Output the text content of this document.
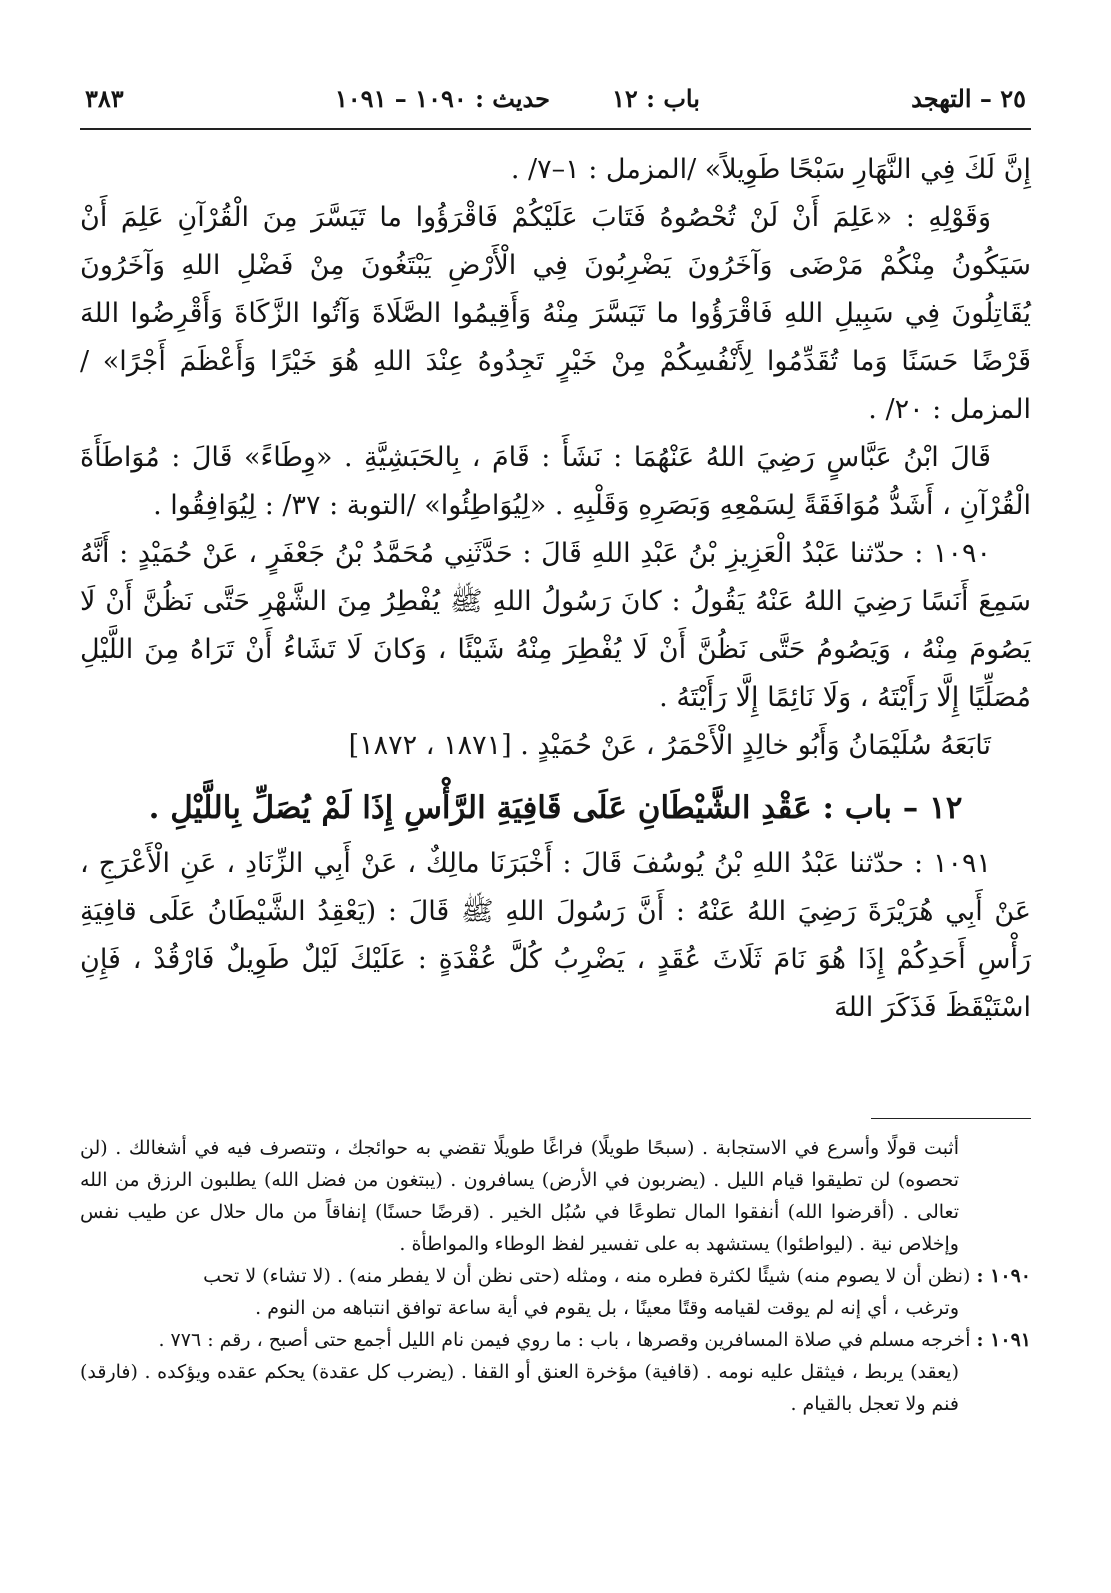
٢٥ – التهجد
باب : ١٢
حديث : ١٠٩٠ – ١٠٩١
٣٨٣

إِنَّ لَكَ فِي النَّهَارِ سَبْحًا طَوِيلاً» /المزمل : ١–٧/ .

وَقَوْلِهِ : «عَلِمَ أَنْ لَنْ تُحْصُوهُ فَتَابَ عَلَيْكُمْ فَاقْرَؤُوا ما تَيَسَّرَ مِنَ الْقُرْآنِ عَلِمَ أَنْ سَيَكُونُ مِنْكُمْ مَرْضَى وَآخَرُونَ يَضْرِبُونَ فِي الْأَرْضِ يَبْتَغُونَ مِنْ فَضْلِ اللهِ وَآخَرُونَ يُقَاتِلُونَ فِي سَبِيلِ اللهِ فَاقْرَؤُوا ما تَيَسَّرَ مِنْهُ وَأَقِيمُوا الصَّلَاةَ وَآتُوا الزَّكَاةَ وَأَقْرِضُوا اللهَ قَرْضًا حَسَنًا وَما تُقَدِّمُوا لِأَنْفُسِكُمْ مِنْ خَيْرٍ تَجِدُوهُ عِنْدَ اللهِ هُوَ خَيْرًا وَأَعْظَمَ أَجْرًا» /المزمل : ٢٠/ .

قَالَ ابْنُ عَبَّاسٍ رَضِيَ اللهُ عَنْهُمَا : نَشَأَ : قَامَ ، بِالحَبَشِيَّةِ . «وِطَاءً» قَالَ : مُوَاطَأَةَ الْقُرْآنِ ، أَشَدُّ مُوَافَقَةً لِسَمْعِهِ وَبَصَرِهِ وَقَلْبِهِ . «لِيُوَاطِئُوا» /التوبة : ٣٧/ : لِيُوَافِقُوا .

١٠٩٠ : حدّثنا عَبْدُ الْعَزِيزِ بْنُ عَبْدِ اللهِ قَالَ : حَدَّثَنِي مُحَمَّدُ بْنُ جَعْفَرٍ ، عَنْ حُمَيْدٍ : أَنَّهُ سَمِعَ أَنَسًا رَضِيَ اللهُ عَنْهُ يَقُولُ : كانَ رَسُولُ اللهِ ﷺ يُفْطِرُ مِنَ الشَّهْرِ حَتَّى نَظُنَّ أَنْ لَا يَصُومَ مِنْهُ ، وَيَصُومُ حَتَّى نَظُنَّ أَنْ لَا يُفْطِرَ مِنْهُ شَيْئًا ، وَكانَ لَا تَشَاءُ أَنْ تَرَاهُ مِنَ اللَّيْلِ مُصَلِّيًا إِلَّا رَأَيْتَهُ ، وَلَا نَائِمًا إِلَّا رَأَيْتَهُ .

تَابَعَهُ سُلَيْمَانُ وَأَبُو خالِدٍ الْأَحْمَرُ ، عَنْ حُمَيْدٍ . [١٨٧١ ، ١٨٧٢]

١٢ – باب : عَقْدِ الشَّيْطَانِ عَلَى قَافِيَةِ الرَّأْسِ إِذَا لَمْ يُصَلِّ بِاللَّيْلِ .

١٠٩١ : حدّثنا عَبْدُ اللهِ بْنُ يُوسُفَ قَالَ : أَخْبَرَنَا مالِكٌ ، عَنْ أَبِي الزِّنَادِ ، عَنِ الْأَعْرَجِ ، عَنْ أَبِي هُرَيْرَةَ رَضِيَ اللهُ عَنْهُ : أَنَّ رَسُولَ اللهِ ﷺ قَالَ : (يَعْقِدُ الشَّيْطَانُ عَلَى قافِيَةِ رَأْسِ أَحَدِكُمْ إِذَا هُوَ نَامَ ثَلَاثَ عُقَدٍ ، يَضْرِبُ كُلَّ عُقْدَةٍ : عَلَيْكَ لَيْلٌ طَوِيلٌ فَارْقُدْ ، فَإِنِ اسْتَيْقَظَ فَذَكَرَ اللهَ

أثبت قولًا وأسرع في الاستجابة . (سبحًا طويلًا) فراغًا طويلًا تقضي به حوائجك ، وتتصرف فيه في أشغالك . (لن تحصوه) لن تطيقوا قيام الليل . (يضربون في الأرض) يسافرون . (يبتغون من فضل الله) يطلبون الرزق من الله تعالى . (أقرضوا الله) أنفقوا المال تطوعًا في سُبُل الخير . (قرضًا حسنًا) إنفاقاً من مال حلال عن طيب نفس وإخلاص نية . (ليواطئوا) يستشهد به على تفسير لفظ الوطاء والمواطأة .

١٠٩٠ : (نظن أن لا يصوم منه) شيئًا لكثرة فطره منه ، ومثله (حتى نظن أن لا يفطر منه) . (لا تشاء) لا تحب

وترغب ، أي إنه لم يوقت لقيامه وقتًا معينًا ، بل يقوم في أية ساعة توافق انتباهه من النوم .

١٠٩١ : أخرجه مسلم في صلاة المسافرين وقصرها ، باب : ما روي فيمن نام الليل أجمع حتى أصبح ، رقم : ٧٧٦ .

(يعقد) يربط ، فيثقل عليه نومه . (قافية) مؤخرة العنق أو القفا . (يضرب كل عقدة) يحكم عقده ويؤكده . (فارقد) فنم ولا تعجل بالقيام .
